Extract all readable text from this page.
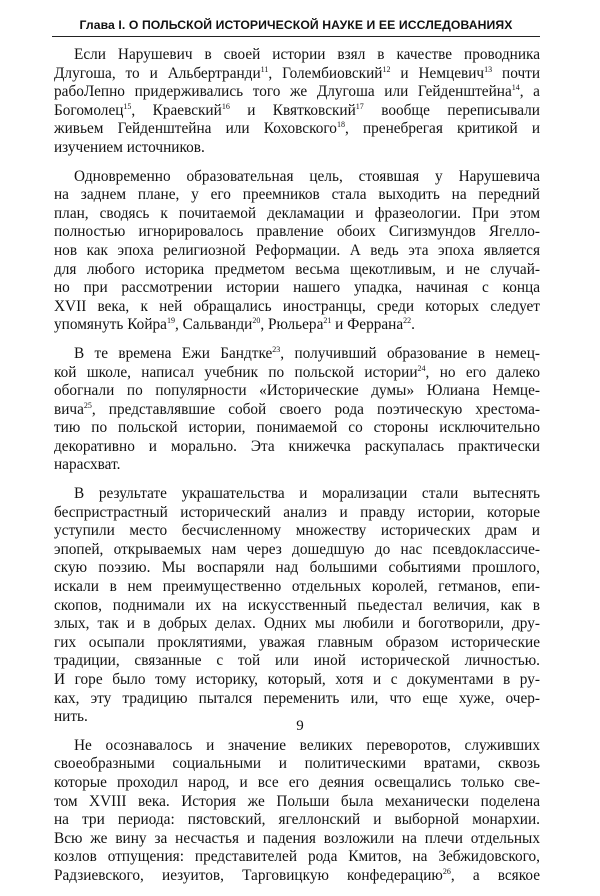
Глава I. О ПОЛЬСКОЙ ИСТОРИЧЕСКОЙ НАУКЕ И ЕЕ ИССЛЕДОВАНИЯХ
Если Нарушевич в своей истории взял в качестве проводника
Длугоша, то и Альбертранди$^{11}$, Голембиовский$^{12}$ и Немцевич$^{13}$ почти
рабоЛепно придерживались того же Длугоша или Гейденштейна$^{14}$, а
Богомолец$^{15}$, Краевский$^{16}$ и Квятковский$^{17}$ вообще переписывали
живьем Гейденштейна или Коховского$^{18}$, пренебрегая критикой и
изучением источников.
Одновременно образовательная цель, стоявшая у Нарушевича
на заднем плане, у его преемников стала выходить на передний
план, сводясь к почитаемой декламации и фразеологии. При этом
полностью игнорировалось правление обоих Сигизмундов Ягелло-
нов как эпоха религиозной Реформации. А ведь эта эпоха является
для любого историка предметом весьма щекотливым, и не случай-
но при рассмотрении истории нашего упадка, начиная с конца
XVII века, к ней обращались иностранцы, среди которых следует
упомянуть Койра$^{19}$, Сальванди$^{20}$, Рюльера$^{21}$ и Феррана$^{22}$.
В те времена Ежи Бандтке$^{23}$, получивший образование в немец-
кой школе, написал учебник по польской истории$^{24}$, но его далеко
обогнали по популярности «Исторические думы» Юлиана Немце-
вича$^{25}$, представлявшие собой своего рода поэтическую хрестома-
тию по польской истории, понимаемой со стороны исключительно
декоративно и морально. Эта книжечка раскупалась практически
нарасхват.
В результате украшательства и морализации стали вытеснять
беспристрастный исторический анализ и правду истории, которые
уступили место бесчисленному множеству исторических драм и
эпопей, открываемых нам через дошедшую до нас псевдоклассиче-
скую поэзию. Мы воспаряли над большими событиями прошлого,
искали в нем преимущественно отдельных королей, гетманов, епи-
скопов, поднимали их на искусственный пьедестал величия, как в
злых, так и в добрых делах. Одних мы любили и боготворили, дру-
гих осыпали проклятиями, уважая главным образом исторические
традиции, связанные с той или иной исторической личностью.
И горе было тому историку, который, хотя и с документами в ру-
ках, эту традицию пытался переменить или, что еще хуже, очер-
нить.
Не осознавалось и значение великих переворотов, служивших
своеобразными социальными и политическими вратами, сквозь
которые проходил народ, и все его деяния освещались только све-
том XVIII века. История же Польши была механически поделена
на три периода: пястовский, ягеллонский и выборной монархии.
Всю же вину за несчастья и падения возложили на плечи отдельных
козлов отпущения: представителей рода Кмитов, на Зебжидовского,
Радзиевского, иезуитов, Тарговицкую конфедерацию$^{26}$, а всякое
9
